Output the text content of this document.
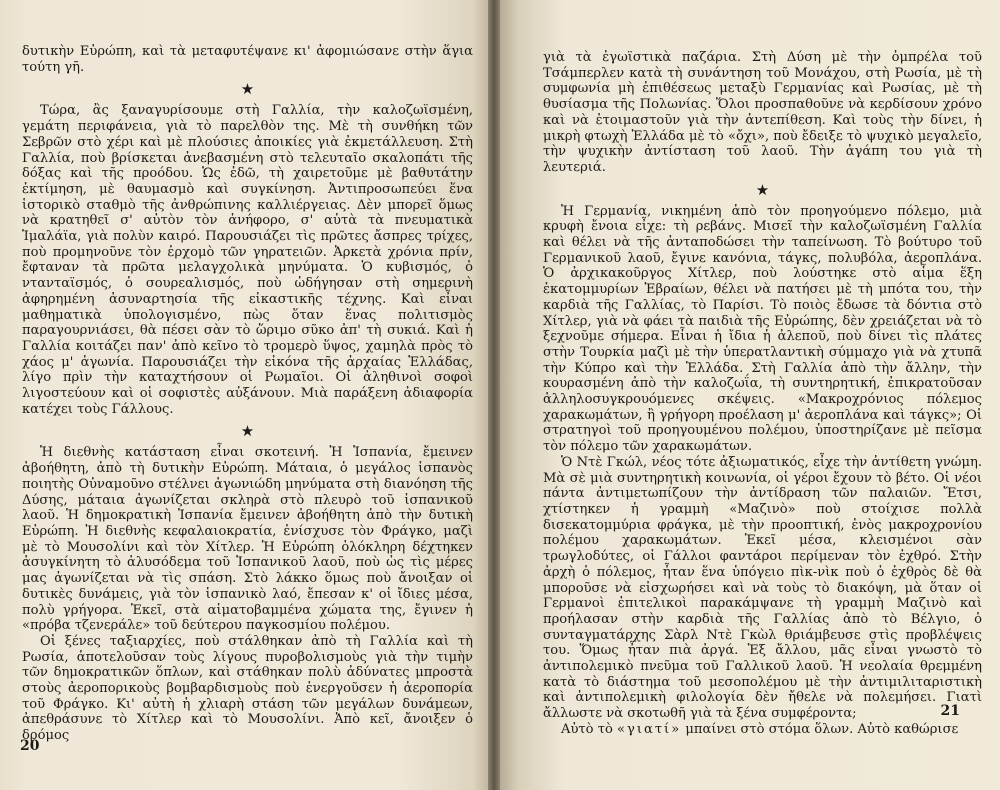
δυτικὴν Εὐρώπη, καὶ τὰ μεταφυτέψανε κι' ἀφομιώσανε στὴν ἅγια τούτη γῆ.

★

Τώρα, ἂς ξαναγυρίσουμε στὴ Γαλλία, τὴν καλοζωϊσμένη, γεμάτη περιφάνεια, γιὰ τὸ παρελθὸν της. Μὲ τὴ συνθήκη τῶν Σεβρῶν στὸ χέρι καὶ μὲ πλούσιες ἀποικίες γιὰ ἐκμετάλλευση. Στὴ Γαλλία, ποὺ βρίσκεται ἀνεβασμένη στὸ τελευταῖο σκαλοπάτι τῆς δόξας καὶ τῆς προόδου. Ὡς ἐδῶ, τὴ χαιρετοῦμε μὲ βαθυτάτην ἐκτίμηση, μὲ θαυμασμὸ καὶ συγκίνηση. Ἀντιπροσωπεύει ἕνα ἱστορικὸ σταθμὸ τῆς ἀνθρώπινης καλλιέργειας. Δὲν μπορεῖ ὅμως νὰ κρατηθεῖ σ' αὐτὸν τὸν ἀνήφορο, σ' αὐτὰ τὰ πνευματικὰ Ἰμαλάϊα, γιὰ πολὺν καιρό. Παρουσιάζει τὶς πρῶτες ἄσπρες τρίχες, ποὺ προμηνοῦνε τὸν ἐρχομὸ τῶν γηρατειῶν. Ἀρκετὰ χρόνια πρίν, ἔφταναν τὰ πρῶτα μελαγχολικὰ μηνύματα. Ὁ κυβισμός, ὁ ντανταϊσμός, ὁ σουρεαλισμός, ποὺ ὡδήγησαν στὴ σημερινὴ ἀφηρημένη ἀσυναρτησία τῆς εἰκαστικῆς τέχνης. Καὶ εἶναι μαθηματικὰ ὑπολογισμένο, πὼς ὅταν ἕνας πολιτισμὸς παραγουρνιάσει, θὰ πέσει σὰν τὸ ὥριμο σῦκο ἀπ' τὴ συκιά. Καὶ ἡ Γαλλία κοιτάζει παν' ἀπὸ κεῖνο τὸ τρομερὸ ὕψος, χαμηλὰ πρὸς τὸ χάος μ' ἀγωνία. Παρουσιάζει τὴν εἰκόνα τῆς ἀρχαίας Ἑλλάδας, λίγο πρὶν τὴν καταχτήσουν οἱ Ρωμαῖοι. Οἱ ἀληθινοὶ σοφοὶ λιγοστεύουν καὶ οἱ σοφιστὲς αὐξάνουν. Μιὰ παράξενη ἀδιαφορία κατέχει τοὺς Γάλλους.

★

Ἡ διεθνὴς κατάσταση εἶναι σκοτεινή. Ἡ Ἱσπανία, ἔμεινεν ἀβοήθητη, ἀπὸ τὴ δυτικὴν Εὐρώπη. Μάταια, ὁ μεγάλος ἱσπανὸς ποιητὴς Οὐναμοῦνο στέλνει ἀγωνιώδη μηνύματα στὴ διανόηση τῆς Δύσης, μάταια ἀγωνίζεται σκληρὰ στὸ πλευρὸ τοῦ ἱσπανικοῦ λαοῦ. Ἡ δημοκρατικὴ Ἱσπανία ἔμεινεν ἀβοήθητη ἀπὸ τὴν δυτικὴ Εὐρώπη. Ἡ διεθνὴς κεφαλαιοκρατία, ἐνίσχυσε τὸν Φράγκο, μαζὶ μὲ τὸ Μουσολίνι καὶ τὸν Χίτλερ. Ἡ Εὐρώπη ὁλόκληρη δέχτηκεν ἀσυγκίνητη τὸ ἀλυσόδεμα τοῦ Ἱσπανικοῦ λαοῦ, ποὺ ὡς τὶς μέρες μας ἀγωνίζεται νὰ τὶς σπάση. Στὸ λάκκο ὅμως ποὺ ἄνοιξαν οἱ δυτικὲς δυνάμεις, γιὰ τὸν ἱσπανικὸ λαό, ἔπεσαν κ' οἱ ἴδιες μέσα, πολὺ γρήγορα. Ἐκεῖ, στὰ αἱματοβαμμένα χώματα της, ἔγινεν ἡ «πρόβα τζενεράλε» τοῦ δεύτερου παγκοσμίου πολέμου.

Οἱ ξένες ταξιαρχίες, ποὺ στάλθηκαν ἀπὸ τὴ Γαλλία καὶ τὴ Ρωσία, ἀποτελοῦσαν τοὺς λίγους πυροβολισμοὺς γιὰ τὴν τιμὴν τῶν δημοκρατικῶν ὅπλων, καὶ στάθηκαν πολὺ ἀδύνατες μπροστὰ στοὺς ἀεροπορικοὺς βομβαρδισμοὺς ποὺ ἐνεργοῦσεν ἡ ἀεροπορία τοῦ Φράγκο. Κι' αὐτὴ ἡ χλιαρὴ στάση τῶν μεγάλων δυνάμεων, ἀπεθράσυνε τὸ Χίτλερ καὶ τὸ Μουσολίνι. Ἀπὸ κεῖ, ἄνοιξεν ὁ δρόμος

20

γιὰ τὰ ἐγωϊστικὰ παζάρια. Στὴ Δύση μὲ τὴν ὀμπρέλα τοῦ Τσάμπερλεν κατὰ τὴ συνάντηση τοῦ Μονάχου, στὴ Ρωσία, μὲ τὴ συμφωνία μὴ ἐπιθέσεως μεταξὺ Γερμανίας καὶ Ρωσίας, μὲ τὴ θυσίασμα τῆς Πολωνίας. Ὅλοι προσπαθοῦνε νὰ κερδίσουν χρόνο καὶ νὰ ἑτοιμαστοῦν γιὰ τὴν ἀντεπίθεση. Καὶ τοὺς τὴν δίνει, ἡ μικρὴ φτωχὴ Ἑλλάδα μὲ τὸ «ὄχι», ποὺ ἔδειξε τὸ ψυχικὸ μεγαλεῖο, τὴν ψυχικὴν ἀντίσταση τοῦ λαοῦ. Τὴν ἀγάπη του γιὰ τὴ λευτεριά.

★

Ἡ Γερμανία, νικημένη ἀπὸ τὸν προηγούμενο πόλεμο, μιὰ κρυφὴ ἔνοια εἶχε: τὴ ρεβάνς. Μισεῖ τὴν καλοζωϊσμένη Γαλλία καὶ θέλει νὰ τῆς ἀνταποδώσει τὴν ταπείνωση. Τὸ βούτυρο τοῦ Γερμανικοῦ λαοῦ, ἔγινε κανόνια, τάγκς, πολυβόλα, ἀεροπλάνα. Ὁ ἀρχικακοῦργος Χίτλερ, ποὺ λούστηκε στὸ αἷμα ἕξη ἑκατομμυρίων Ἑβραίων, θέλει νὰ πατήσει μὲ τὴ μπότα του, τὴν καρδιὰ τῆς Γαλλίας, τὸ Παρίσι. Τὸ ποιὸς ἔδωσε τὰ δόντια στὸ Χίτλερ, γιὰ νὰ φάει τὰ παιδιὰ τῆς Εὐρώπης, δὲν χρειάζεται νὰ τὸ ξεχνοῦμε σήμερα. Εἶναι ἡ ἴδια ἡ ἀλεποῦ, ποὺ δίνει τὶς πλάτες στὴν Τουρκία μαζὶ μὲ τὴν ὑπερατλαντικὴ σύμμαχο γιὰ νὰ χτυπᾶ τὴν Κύπρο καὶ τὴν Ἑλλάδα. Στὴ Γαλλία ἀπὸ τὴν ἄλλην, τὴν κουρασμένη ἀπὸ τὴν καλοζωΐα, τὴ συντηρητική, ἐπικρατοῦσαν ἀλληλοσυγκρουόμενες σκέψεις. «Μακροχρόνιος πόλεμος χαρακωμάτων, ἢ γρήγορη προέλαση μ' ἀεροπλάνα καὶ τάγκς»; Οἱ στρατηγοὶ τοῦ προηγουμένου πολέμου, ὑποστηρίζανε μὲ πεῖσμα τὸν πόλεμο τῶν χαρακωμάτων.

Ὁ Ντὲ Γκώλ, νέος τότε ἀξιωματικός, εἶχε τὴν ἀντίθετη γνώμη. Μὰ σὲ μιὰ συντηρητικὴ κοινωνία, οἱ γέροι ἔχουν τὸ βέτο. Οἱ νέοι πάντα ἀντιμετωπίζουν τὴν ἀντίδραση τῶν παλαιῶν. Ἔτσι, χτίστηκεν ἡ γραμμὴ «Μαζινὸ» ποὺ στοίχισε πολλὰ δισεκατομμύρια φράγκα, μὲ τὴν προοπτική, ἑνὸς μακροχρονίου πολέμου χαρακωμάτων. Ἐκεῖ μέσα, κλεισμένοι σὰν τρωγλοδύτες, οἱ Γάλλοι φαντάροι περίμεναν τὸν ἐχθρό. Στὴν ἀρχὴ ὁ πόλεμος, ἦταν ἕνα ὑπόγειο πὶκ-νὶκ ποὺ ὁ ἐχθρὸς δὲ θὰ μποροῦσε νὰ εἰσχωρήσει καὶ νὰ τοὺς τὸ διακόψη, μὰ ὅταν οἱ Γερμανοὶ ἐπιτελικοὶ παρακάμψανε τὴ γραμμὴ Μαζινὸ καὶ προήλασαν στὴν καρδιὰ τῆς Γαλλίας ἀπὸ τὸ Βέλγιο, ὁ συνταγματάρχης Σὰρλ Ντὲ Γκὼλ θριάμβευσε στὶς προβλέψεις του. Ὅμως ἦταν πιὰ ἀργά. Ἐξ ἄλλου, μᾶς εἶναι γνωστὸ τὸ ἀντιπολεμικὸ πνεῦμα τοῦ Γαλλικοῦ λαοῦ. Ἡ νεολαία θρεμμένη κατὰ τὸ διάστημα τοῦ μεσοπολέμου μὲ τὴν ἀντιμιλιταριστικὴ καὶ ἀντιπολεμικὴ φιλολογία δὲν ἤθελε νὰ πολεμήσει. Γιατὶ ἄλλωστε νὰ σκοτωθῆ γιὰ τὰ ξένα συμφέροντα;

Αὐτὸ τὸ «γιατί» μπαίνει στὸ στόμα ὅλων. Αὐτὸ καθώρισε

21
